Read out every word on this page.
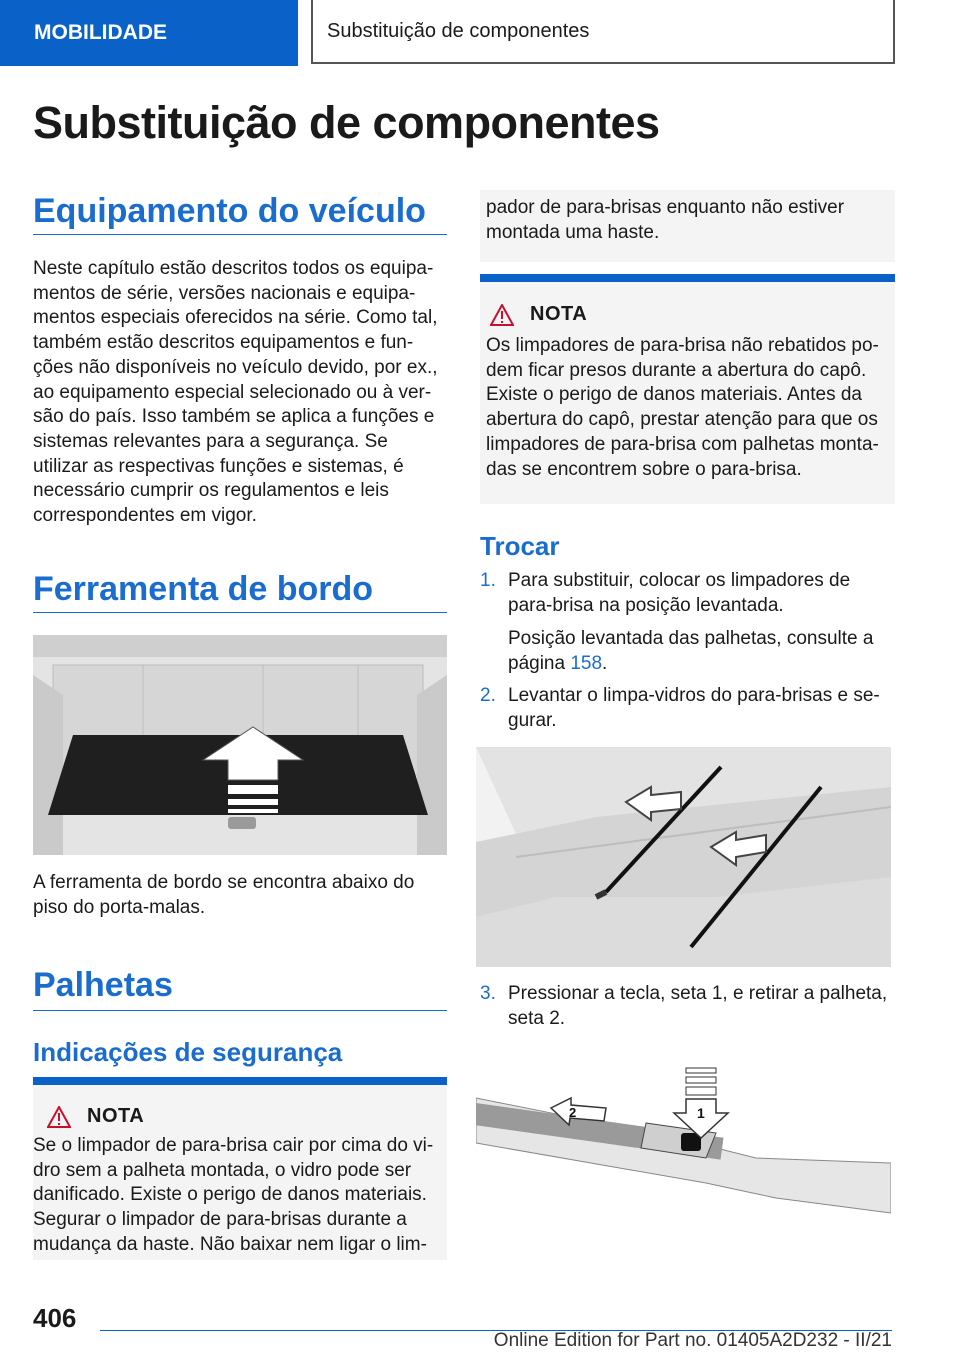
MOBILIDADE	Substituição de componentes
Substituição de componentes
Equipamento do veículo
Neste capítulo estão descritos todos os equipa-mentos de série, versões nacionais e equipa-mentos especiais oferecidos na série. Como tal, também estão descritos equipamentos e fun-ções não disponíveis no veículo devido, por ex., ao equipamento especial selecionado ou à ver-são do país. Isso também se aplica a funções e sistemas relevantes para a segurança. Se utilizar as respectivas funções e sistemas, é necessário cumprir os regulamentos e leis correspondentes em vigor.
Ferramenta de bordo
A ferramenta de bordo se encontra abaixo do piso do porta-malas.
Palhetas
Indicações de segurança
NOTA
Se o limpador de para-brisa cair por cima do vi-dro sem a palheta montada, o vidro pode ser danificado. Existe o perigo de danos materiais. Segurar o limpador de para-brisas durante a mudança da haste. Não baixar nem ligar o lim-
pador de para-brisas enquanto não estiver montada uma haste.
NOTA
Os limpadores de para-brisa não rebatidos po-dem ficar presos durante a abertura do capô. Existe o perigo de danos materiais. Antes da abertura do capô, prestar atenção para que os limpadores de para-brisa com palhetas monta-das se encontrem sobre o para-brisa.
Trocar
1. Para substituir, colocar os limpadores de para-brisa na posição levantada.
Posição levantada das palhetas, consulte a página 158.
2. Levantar o limpa-vidros do para-brisas e se-gurar.
3. Pressionar a tecla, seta 1, e retirar a palheta, seta 2.
2	1
406
Online Edition for Part no. 01405A2D232 - II/21
